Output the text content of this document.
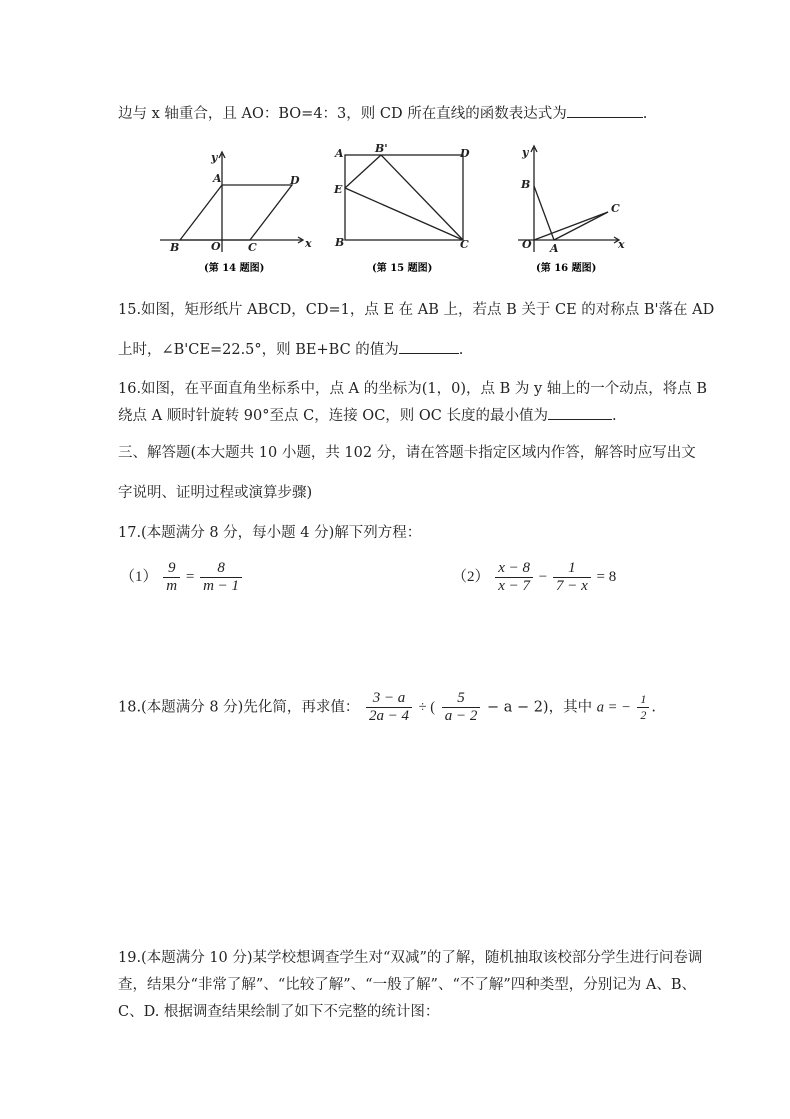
边与 x 轴重合，且 AO：BO=4：3，则 CD 所在直线的函数表达式为	.
y
A	D
B	O C	x
(第 14 题图)
A	B'	D
E
B	C
(第 15 题图)
y
B
C
O A	x
(第 16 题图)
15.如图，矩形纸片 ABCD，CD=1，点 E 在 AB 上，若点 B 关于 CE 的对称点 B'落在 AD
上时，∠B'CE=22.5°，则 BE+BC 的值为	.
16.如图，在平面直角坐标系中，点 A 的坐标为(1，0)，点 B 为 y 轴上的一个动点，将点 B
绕点 A 顺时针旋转 90°至点 C，连接 OC，则 OC 长度的最小值为	.
三、解答题(本大题共 10 小题，共 102 分，请在答题卡指定区域内作答，解答时应写出文
字说明、证明过程或演算步骤)
17.(本题满分 8 分，每小题 4 分)解下列方程：
$(1) \frac{9}{m} = \frac{8}{m - 1}$	$(2) \frac{x - 8}{x - 7} - \frac{1}{7 - x} = 8$
18.(本题满分 8 分)先化简，再求值： $\frac{3 - a}{2a - 4}$ ÷ ( $\frac{5}{a - 2} - a - 2$)，其中 a = − $\frac{1}{2}$ .
19.(本题满分 10 分)某学校想调查学生对“双减”的了解，随机抽取该校部分学生进行问卷调
查，结果分“非常了解”、“比较了解”、“一般了解”、“不了解”四种类型，分别记为 A、B、
C、D. 根据调查结果绘制了如下不完整的统计图：
